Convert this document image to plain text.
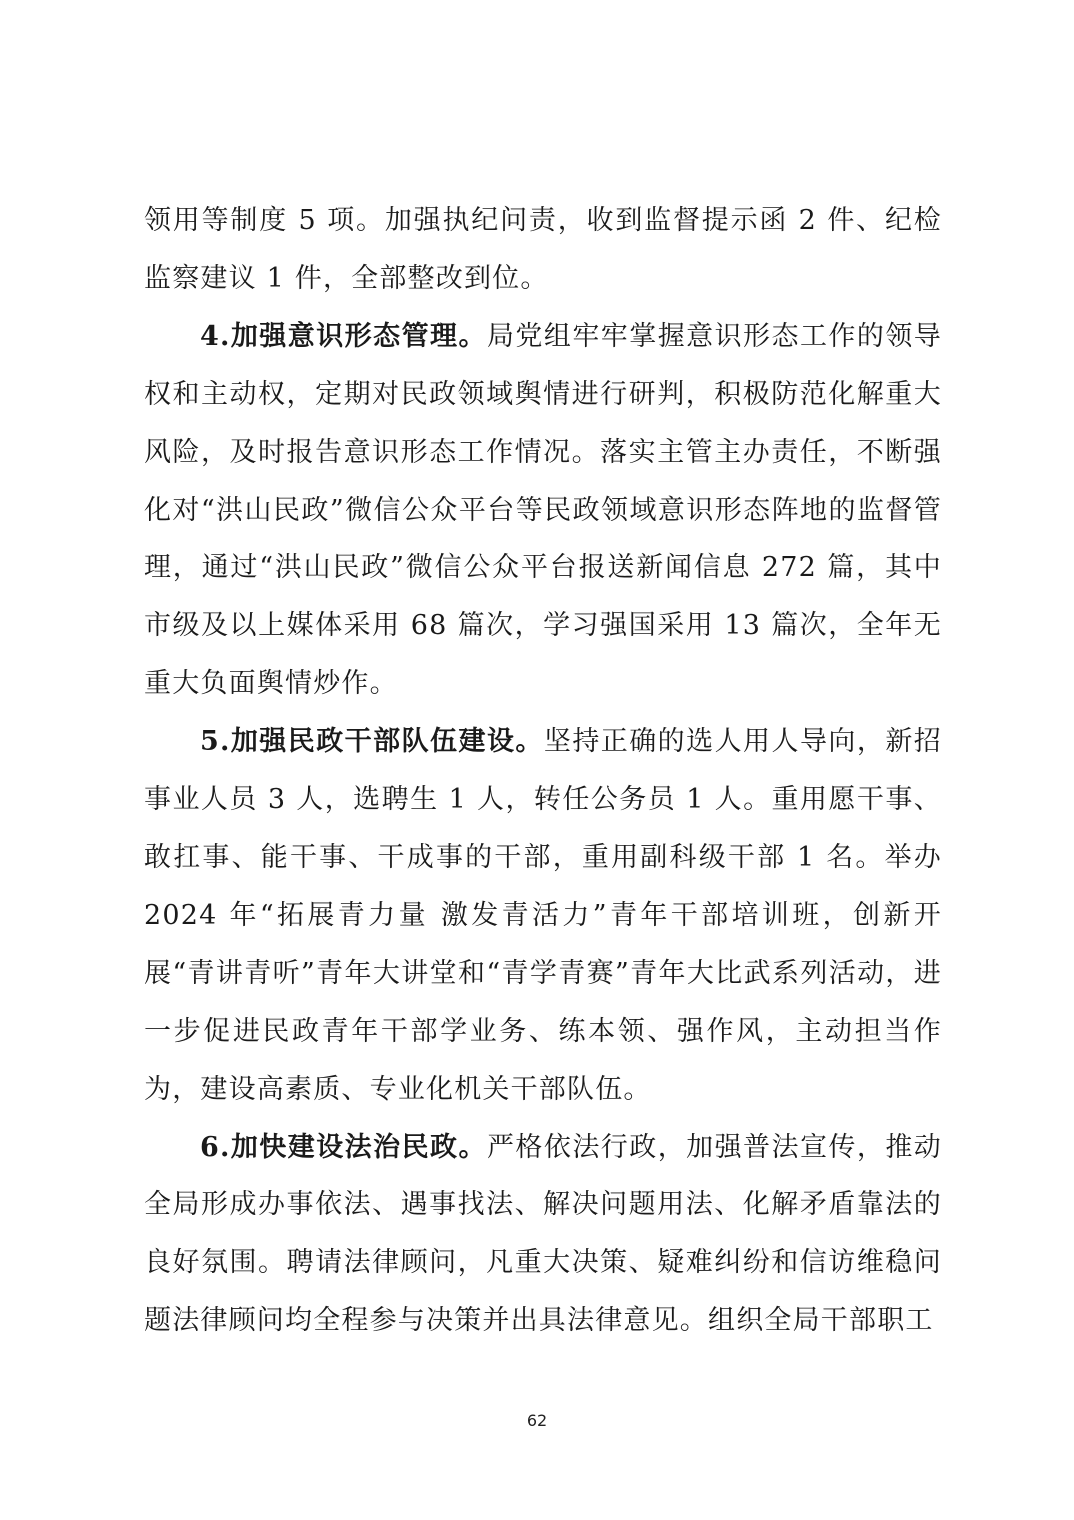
领用等制度 5 项。加强执纪问责，收到监督提示函 2 件、纪检监察建议 1 件，全部整改到位。

4.加强意识形态管理。局党组牢牢掌握意识形态工作的领导权和主动权，定期对民政领域舆情进行研判，积极防范化解重大风险，及时报告意识形态工作情况。落实主管主办责任，不断强化对“洪山民政”微信公众平台等民政领域意识形态阵地的监督管理，通过“洪山民政”微信公众平台报送新闻信息 272 篇，其中市级及以上媒体采用 68 篇次，学习强国采用 13 篇次，全年无重大负面舆情炒作。

5.加强民政干部队伍建设。坚持正确的选人用人导向，新招事业人员 3 人，选聘生 1 人，转任公务员 1 人。重用愿干事、敢扛事、能干事、干成事的干部，重用副科级干部 1 名。举办 2024 年“拓展青力量 激发青活力”青年干部培训班，创新开展“青讲青听”青年大讲堂和“青学青赛”青年大比武系列活动，进一步促进民政青年干部学业务、练本领、强作风，主动担当作为，建设高素质、专业化机关干部队伍。

6.加快建设法治民政。严格依法行政，加强普法宣传，推动全局形成办事依法、遇事找法、解决问题用法、化解矛盾靠法的良好氛围。聘请法律顾问，凡重大决策、疑难纠纷和信访维稳问题法律顾问均全程参与决策并出具法律意见。组织全局干部职工

62
